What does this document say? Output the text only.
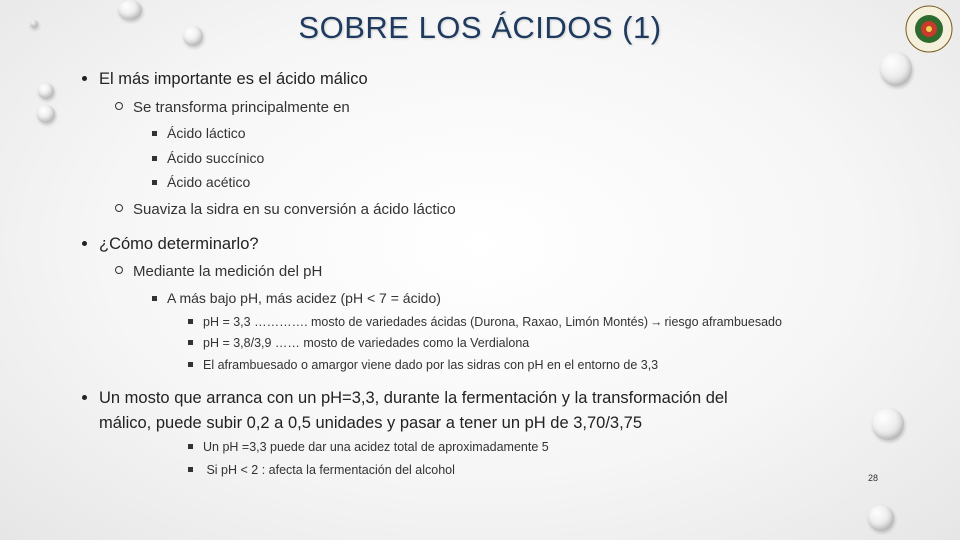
SOBRE LOS ÁCIDOS (1)
El más importante es el ácido málico
Se transforma principalmente en
Ácido láctico
Ácido succínico
Ácido acético
Suaviza la sidra en su conversión a ácido láctico
¿Cómo determinarlo?
Mediante la medición del pH
A más bajo pH, más acidez (pH < 7 = ácido)
pH = 3,3 …………. mosto de variedades ácidas (Durona, Raxao, Limón Montés) → riesgo aframbuesado
pH = 3,8/3,9 …… mosto de variedades como la Verdialona
El aframbuesado o amargor viene dado por las sidras con pH en el entorno de 3,3
Un mosto que arranca con un pH=3,3, durante la fermentación y la transformación del
málico, puede subir 0,2 a 0,5 unidades y pasar a tener un pH de 3,70/3,75
Un pH =3,3 puede dar una acidez total de aproximadamente 5
Si pH < 2 : afecta la fermentación del alcohol
28
